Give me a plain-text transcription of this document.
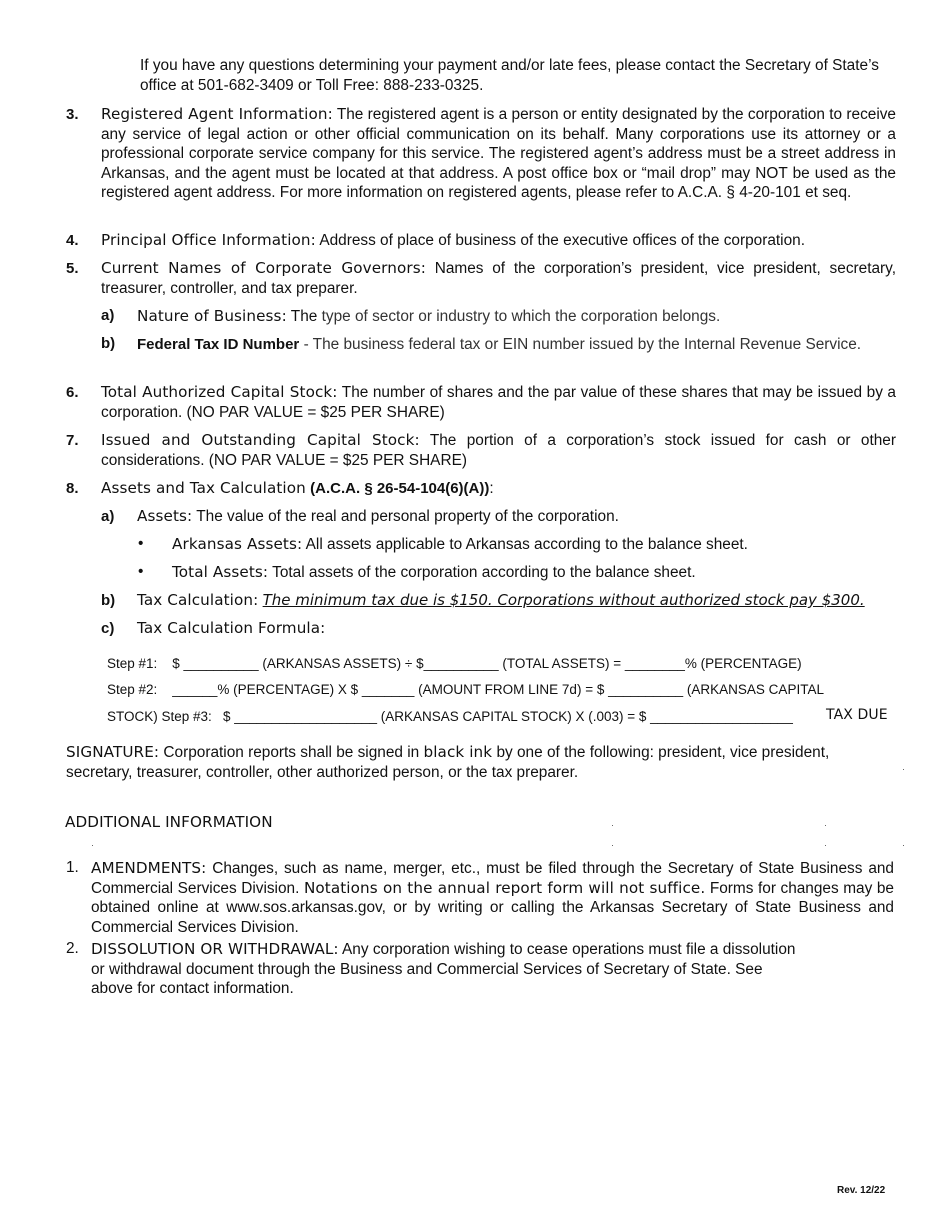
If you have any questions determining your payment and/or late fees, please contact the Secretary of State’s office at 501-682-3409 or Toll Free: 888-233-0325.
3. Registered Agent Information: The registered agent is a person or entity designated by the corporation to receive any service of legal action or other official communication on its behalf. Many corporations use its attorney or a professional corporate service company for this service. The registered agent’s address must be a street address in Arkansas, and the agent must be located at that address. A post office box or “mail drop” may NOT be used as the registered agent address. For more information on registered agents, please refer to A.C.A. § 4-20-101 et seq.
4. Principal Office Information: Address of place of business of the executive offices of the corporation.
5. Current Names of Corporate Governors: Names of the corporation’s president, vice president, secretary, treasurer, controller, and tax preparer.
a) Nature of Business: The type of sector or industry to which the corporation belongs.
b) Federal Tax ID Number - The business federal tax or EIN number issued by the Internal Revenue Service.
6. Total Authorized Capital Stock: The number of shares and the par value of these shares that may be issued by a corporation. (NO PAR VALUE = $25 PER SHARE)
7. Issued and Outstanding Capital Stock: The portion of a corporation’s stock issued for cash or other considerations. (NO PAR VALUE = $25 PER SHARE)
8. Assets and Tax Calculation (A.C.A. § 26-54-104(6)(A)):
a) Assets: The value of the real and personal property of the corporation.
• Arkansas Assets: All assets applicable to Arkansas according to the balance sheet.
• Total Assets: Total assets of the corporation according to the balance sheet.
b) Tax Calculation: The minimum tax due is $150. Corporations without authorized stock pay $300.
c) Tax Calculation Formula:
Step #1:    $ __________ (ARKANSAS ASSETS) ÷ $__________ (TOTAL ASSETS) = ________% (PERCENTAGE)
Step #2:    ______% (PERCENTAGE) X $ _______ (AMOUNT FROM LINE 7d) = $ __________ (ARKANSAS CAPITAL
STOCK) Step #3:   $ ___________________ (ARKANSAS CAPITAL STOCK) X (.003) = $ ___________________ TAX DUE
SIGNATURE: Corporation reports shall be signed in black ink by one of the following: president, vice president, secretary, treasurer, controller, other authorized person, or the tax preparer.
ADDITIONAL INFORMATION
1. AMENDMENTS: Changes, such as name, merger, etc., must be filed through the Secretary of State Business and Commercial Services Division. Notations on the annual report form will not suffice. Forms for changes may be obtained online at www.sos.arkansas.gov, or by writing or calling the Arkansas Secretary of State Business and Commercial Services Division.
2. DISSOLUTION OR WITHDRAWAL: Any corporation wishing to cease operations must file a dissolution
or withdrawal document through the Business and Commercial Services of Secretary of State. See
above for contact information.
Rev. 12/22
